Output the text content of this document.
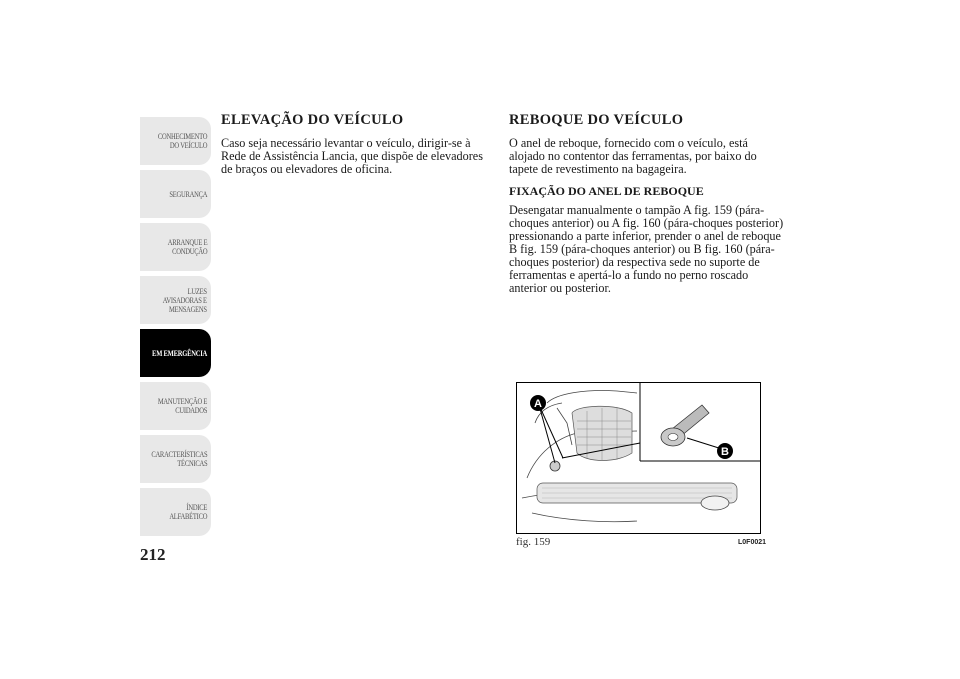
CONHECIMENTO
DO VEÍCULO
SEGURANÇA
ARRANQUE E
CONDUÇÃO
LUZES
AVISADORAS E
MENSAGENS
EM EMERGÊNCIA
MANUTENÇÃO E
CUIDADOS
CARACTERÍSTICAS
TÉCNICAS
ÍNDICE
ALFABÉTICO
212
ELEVAÇÃO DO VEÍCULO

Caso seja necessário levantar o veículo, dirigir-se à Rede de Assistência Lancia, que dispõe de elevadores de braços ou elevadores de oficina.

REBOQUE DO VEÍCULO

O anel de reboque, fornecido com o veículo, está alojado no contentor das ferramentas, por baixo do tapete de revestimento na bagageira.

FIXAÇÃO DO ANEL DE REBOQUE

Desengatar manualmente o tampão A fig. 159 (pára-choques anterior) ou A fig. 160 (pára-choques posterior) pressionando a parte inferior, prender o anel de reboque B fig. 159 (pára-choques anterior) ou B fig. 160 (pára-choques posterior) da respectiva sede no suporte de ferramentas e apertá-lo a fundo no perno roscado anterior ou posterior.

A
B
fig. 159	L0F0021
